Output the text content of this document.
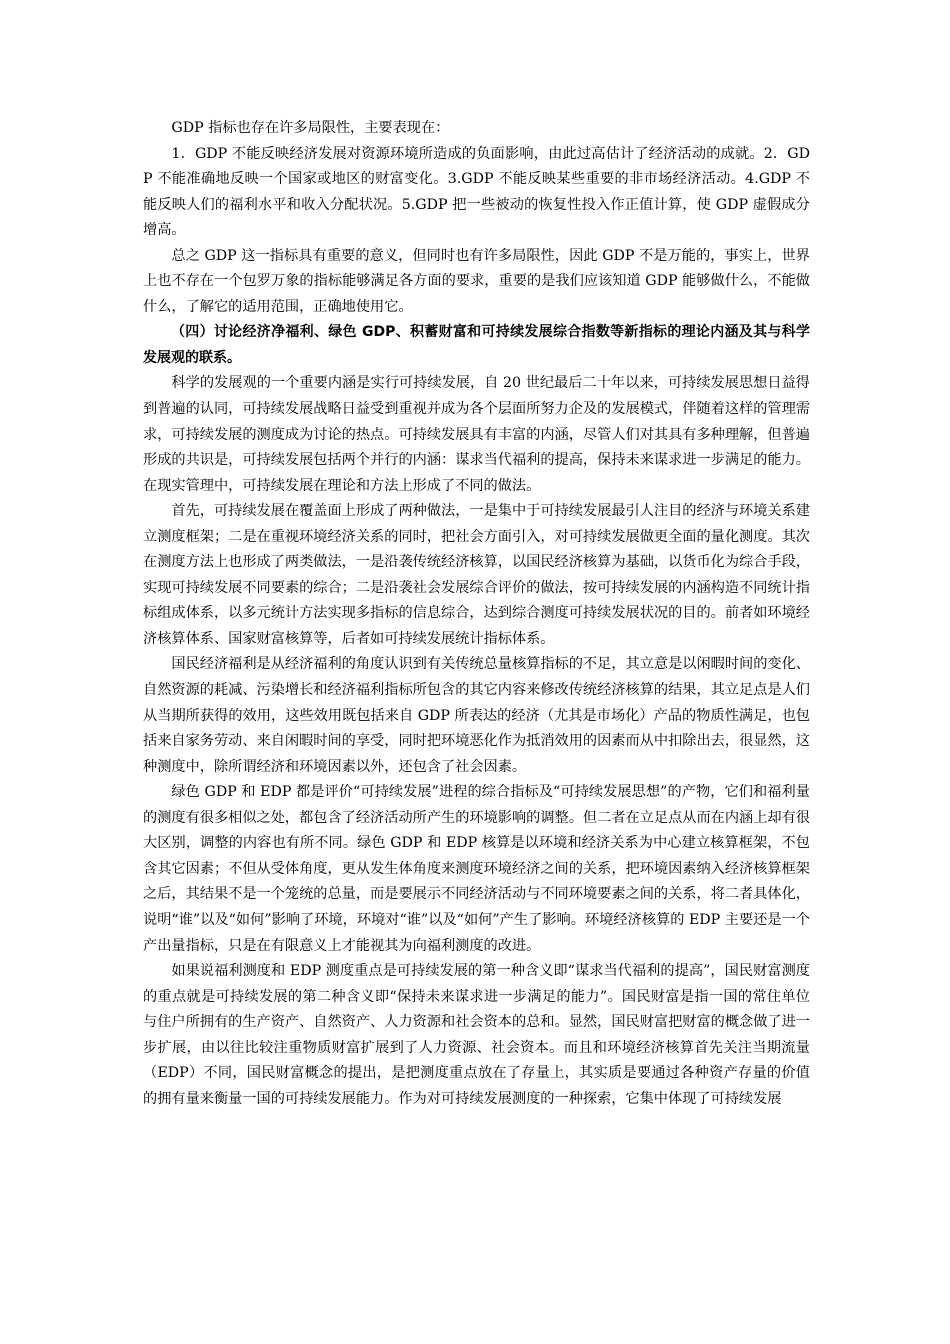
GDP 指标也存在许多局限性，主要表现在：

1．GDP 不能反映经济发展对资源环境所造成的负面影响，由此过高估计了经济活动的成就。2．GDP 不能准确地反映一个国家或地区的财富变化。3.GDP 不能反映某些重要的非市场经济活动。4.GDP 不能反映人们的福利水平和收入分配状况。5.GDP 把一些被动的恢复性投入作正值计算，使 GDP 虚假成分增高。

总之 GDP 这一指标具有重要的意义，但同时也有许多局限性，因此 GDP 不是万能的，事实上，世界上也不存在一个包罗万象的指标能够满足各方面的要求，重要的是我们应该知道 GDP 能够做什么，不能做什么，了解它的适用范围，正确地使用它。

（四）讨论经济净福利、绿色 GDP、积蓄财富和可持续发展综合指数等新指标的理论内涵及其与科学发展观的联系。

科学的发展观的一个重要内涵是实行可持续发展，自 20 世纪最后二十年以来，可持续发展思想日益得到普遍的认同，可持续发展战略日益受到重视并成为各个层面所努力企及的发展模式，伴随着这样的管理需求，可持续发展的测度成为讨论的热点。可持续发展具有丰富的内涵，尽管人们对其具有多种理解，但普遍形成的共识是，可持续发展包括两个并行的内涵：谋求当代福利的提高，保持未来谋求进一步满足的能力。在现实管理中，可持续发展在理论和方法上形成了不同的做法。

首先，可持续发展在覆盖面上形成了两种做法，一是集中于可持续发展最引人注目的经济与环境关系建立测度框架；二是在重视环境经济关系的同时，把社会方面引入，对可持续发展做更全面的量化测度。其次在测度方法上也形成了两类做法，一是沿袭传统经济核算，以国民经济核算为基础，以货币化为综合手段，实现可持续发展不同要素的综合；二是沿袭社会发展综合评价的做法，按可持续发展的内涵构造不同统计指标组成体系，以多元统计方法实现多指标的信息综合，达到综合测度可持续发展状况的目的。前者如环境经济核算体系、国家财富核算等，后者如可持续发展统计指标体系。

国民经济福利是从经济福利的角度认识到有关传统总量核算指标的不足，其立意是以闲暇时间的变化、自然资源的耗减、污染增长和经济福利指标所包含的其它内容来修改传统经济核算的结果，其立足点是人们从当期所获得的效用，这些效用既包括来自 GDP 所表达的经济（尤其是市场化）产品的物质性满足，也包括来自家务劳动、来自闲暇时间的享受，同时把环境恶化作为抵消效用的因素而从中扣除出去，很显然，这种测度中，除所谓经济和环境因素以外，还包含了社会因素。

绿色 GDP 和 EDP 都是评价“可持续发展”进程的综合指标及“可持续发展思想”的产物，它们和福利量的测度有很多相似之处，都包含了经济活动所产生的环境影响的调整。但二者在立足点从而在内涵上却有很大区别，调整的内容也有所不同。绿色 GDP 和 EDP 核算是以环境和经济关系为中心建立核算框架，不包含其它因素；不但从受体角度，更从发生体角度来测度环境经济之间的关系，把环境因素纳入经济核算框架之后，其结果不是一个笼统的总量，而是要展示不同经济活动与不同环境要素之间的关系，将二者具体化，说明“谁”以及“如何”影响了环境，环境对“谁”以及“如何”产生了影响。环境经济核算的 EDP 主要还是一个产出量指标，只是在有限意义上才能视其为向福利测度的改进。

如果说福利测度和 EDP 测度重点是可持续发展的第一种含义即“谋求当代福利的提高”，国民财富测度的重点就是可持续发展的第二种含义即“保持未来谋求进一步满足的能力”。国民财富是指一国的常住单位与住户所拥有的生产资产、自然资产、人力资源和社会资本的总和。显然，国民财富把财富的概念做了进一步扩展，由以往比较注重物质财富扩展到了人力资源、社会资本。而且和环境经济核算首先关注当期流量（EDP）不同，国民财富概念的提出，是把测度重点放在了存量上，其实质是要通过各种资产存量的价值的拥有量来衡量一国的可持续发展能力。作为对可持续发展测度的一种探索，它集中体现了可持续发展
